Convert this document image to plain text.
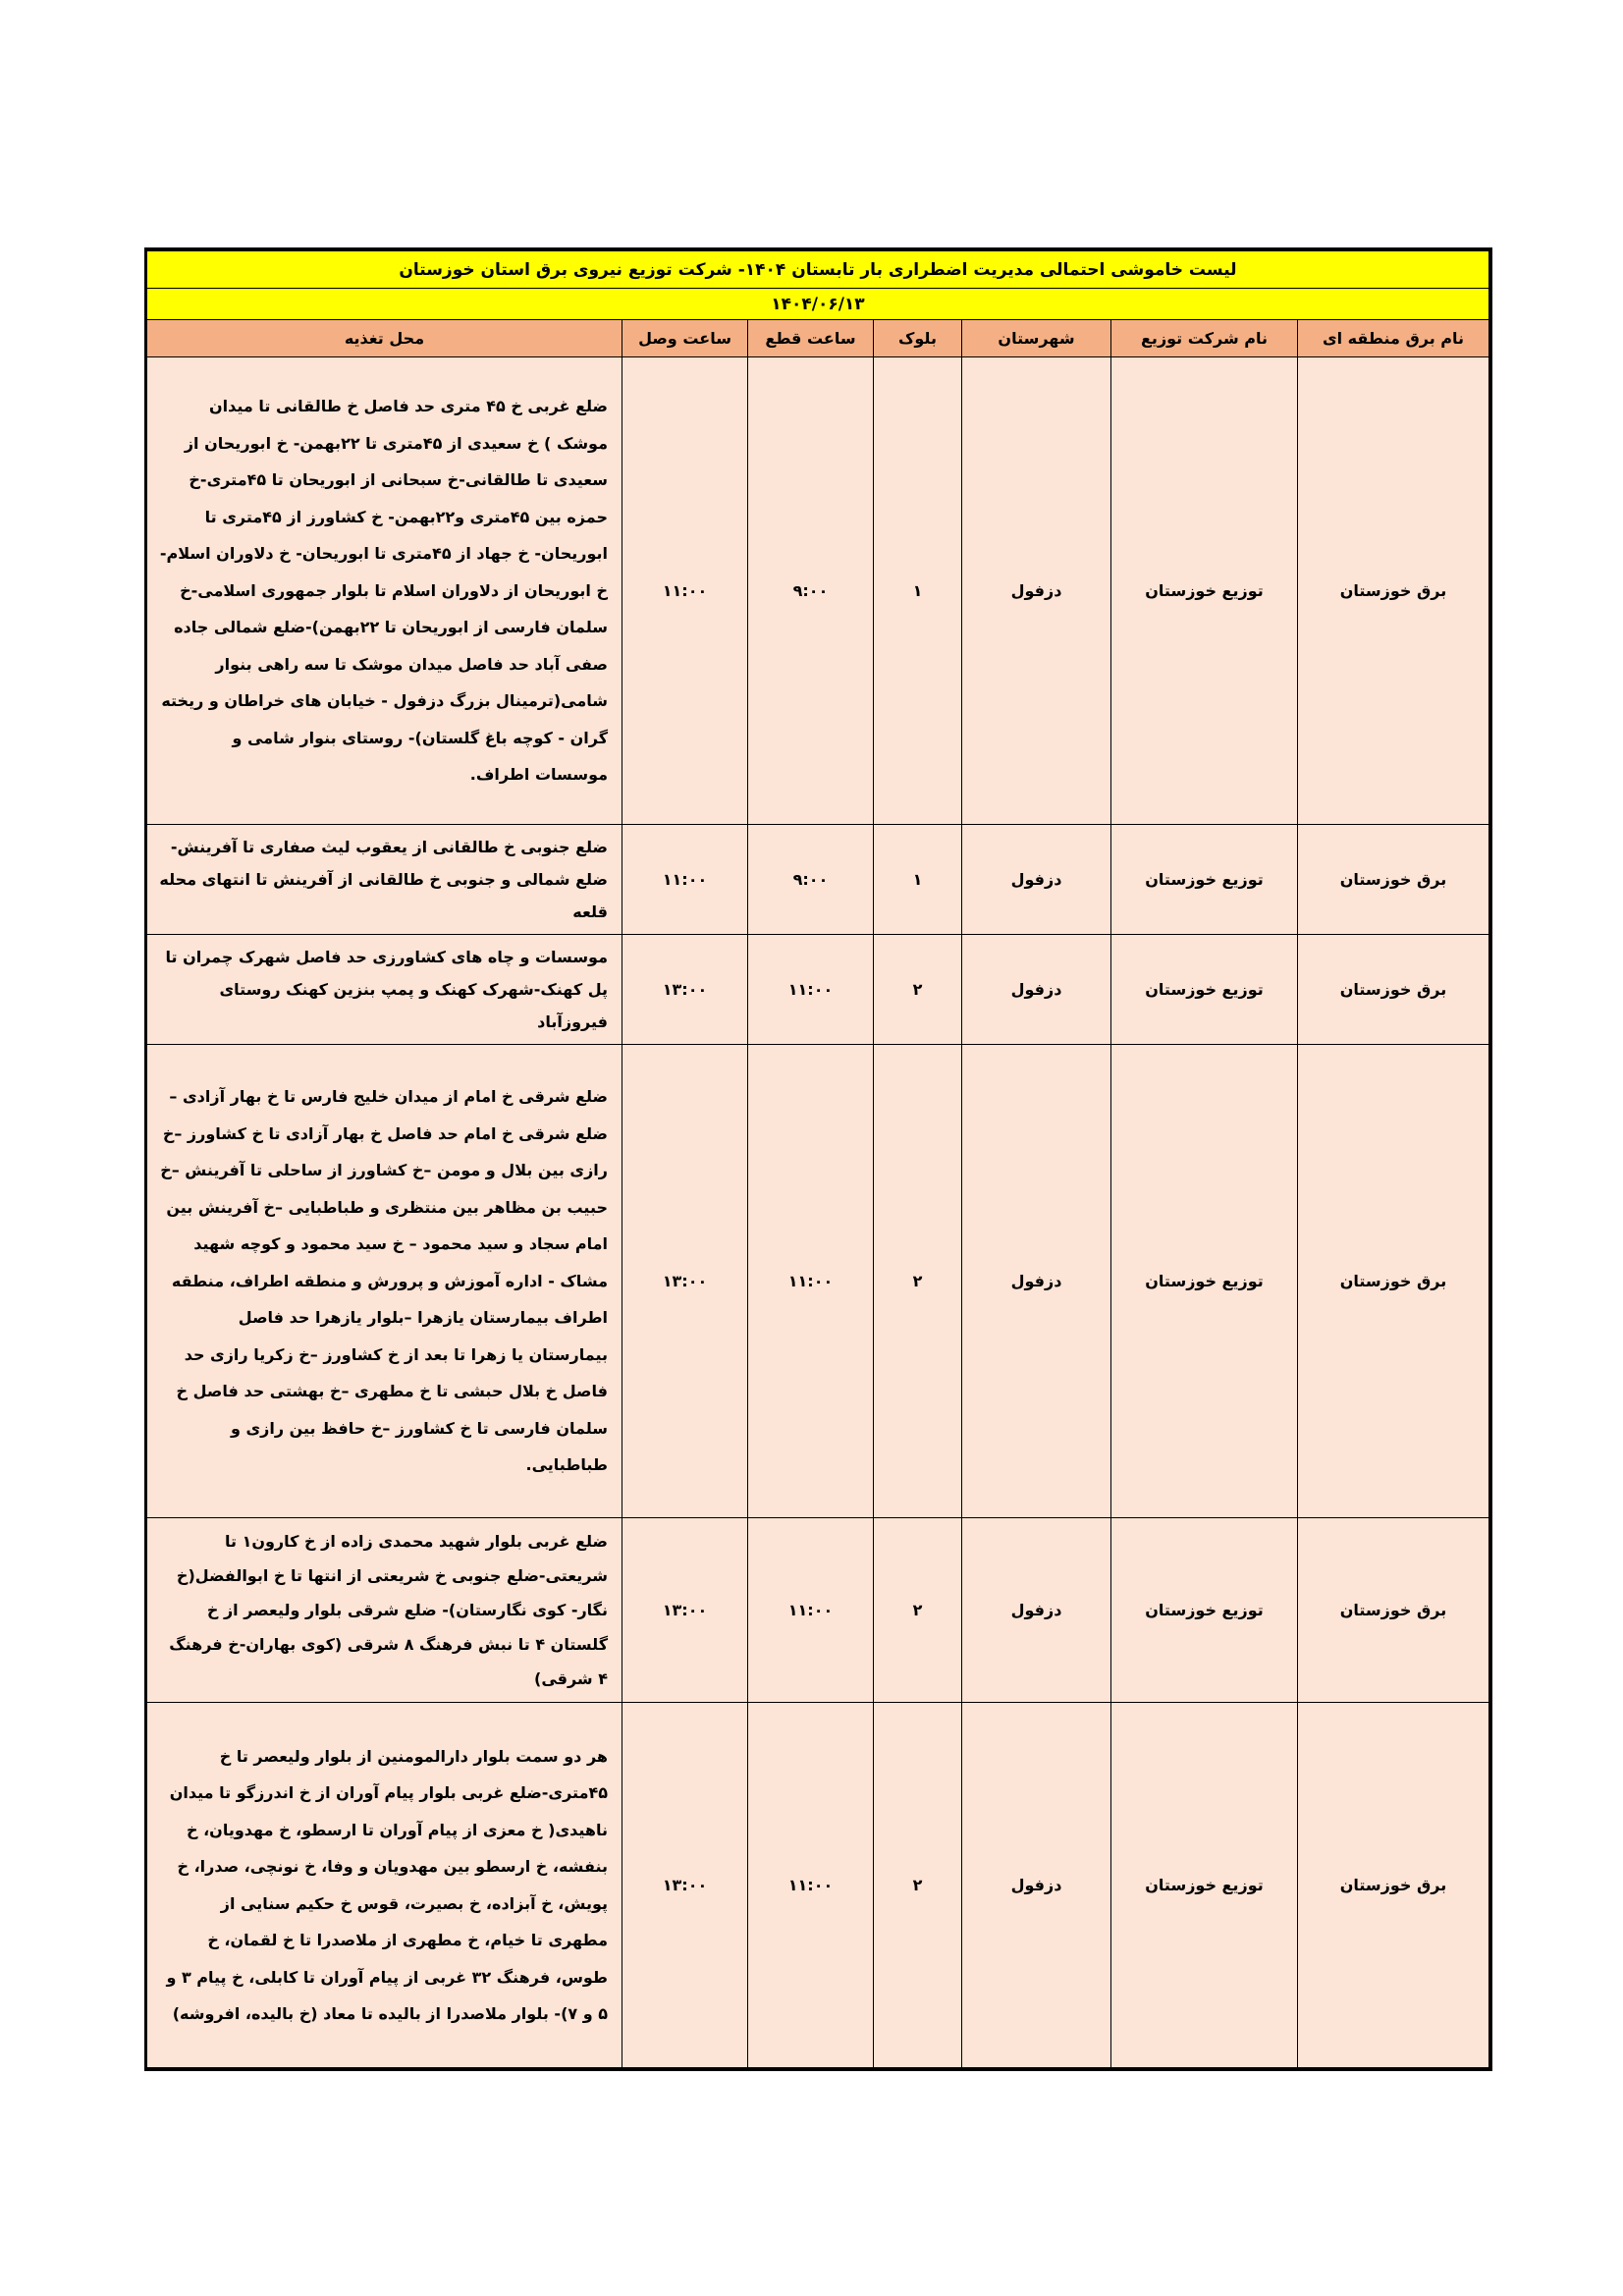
لیست خاموشی احتمالی مدیریت اضطراری بار تابستان ۱۴۰۴- شرکت توزیع نیروی برق استان خوزستان						
۱۴۰۴/۰۶/۱۳						
نام برق منطقه ای	نام شرکت توزیع	شهرستان	بلوک	ساعت قطع	ساعت وصل	محل تغذیه
برق خوزستان	توزیع خوزستان	دزفول	۱	۹:۰۰	۱۱:۰۰	ضلع غربی خ ۴۵ متری حد فاصل خ طالقانی تا میدان موشک ) خ سعیدی از ۴۵متری تا ۲۲بهمن- خ ابوریحان از سعیدی تا طالقانی-خ سبحانی از ابوریحان تا ۴۵متری-خ حمزه بین ۴۵متری و۲۲بهمن- خ کشاورز از ۴۵متری تا ابوریحان- خ جهاد از ۴۵متری تا ابوریحان- خ دلاوران اسلام- خ ابوریحان از دلاوران اسلام تا بلوار جمهوری اسلامی-خ سلمان فارسی از ابوریحان تا ۲۲بهمن)-ضلع شمالی جاده صفی آباد حد فاصل میدان موشک تا سه راهی بنوار شامی(ترمینال بزرگ دزفول - خیابان های خراطان و ریخته گران - کوچه باغ گلستان)- روستای بنوار شامی و موسسات اطراف.
برق خوزستان	توزیع خوزستان	دزفول	۱	۹:۰۰	۱۱:۰۰	ضلع جنوبی خ طالقانی از یعقوب لیث صفاری تا آفرینش-ضلع شمالی و جنوبی خ طالقانی از آفرینش تا انتهای محله قلعه
برق خوزستان	توزیع خوزستان	دزفول	۲	۱۱:۰۰	۱۳:۰۰	موسسات و چاه های کشاورزی حد فاصل شهرک چمران تا پل کهنک-شهرک کهنک و پمپ بنزین کهنک روستای فیروزآباد
برق خوزستان	توزیع خوزستان	دزفول	۲	۱۱:۰۰	۱۳:۰۰	ضلع شرقی خ امام از میدان خلیج فارس تا خ بهار آزادی –ضلع شرقی خ امام حد فاصل خ بهار آزادی تا خ کشاورز –خ رازی بین بلال و مومن –خ کشاورز از ساحلی تا آفرینش –خ حبیب بن مظاهر بین منتظری و طباطبایی –خ آفرینش بین امام سجاد و سید محمود – خ سید محمود و کوچه شهید مشاک - اداره آموزش و پرورش و منطقه اطراف، منطقه اطراف بیمارستان یازهرا –بلوار یازهرا حد فاصل بیمارستان یا زهرا تا بعد از خ کشاورز –خ زکریا رازی حد فاصل خ بلال حبشی تا خ مطهری –خ بهشتی حد فاصل خ سلمان فارسی تا خ کشاورز –خ حافظ بین رازی و طباطبایی.
برق خوزستان	توزیع خوزستان	دزفول	۲	۱۱:۰۰	۱۳:۰۰	ضلع غربی بلوار شهید محمدی زاده از خ کارون۱ تا شریعتی-ضلع جنوبی خ شریعتی از انتها تا خ ابوالفضل(خ نگار- کوی نگارستان)- ضلع شرقی بلوار ولیعصر از خ گلستان ۴ تا نبش فرهنگ ۸ شرقی (کوی بهاران-خ فرهنگ ۴ شرقی)
برق خوزستان	توزیع خوزستان	دزفول	۲	۱۱:۰۰	۱۳:۰۰	هر دو سمت بلوار دارالمومنین از بلوار ولیعصر تا خ ۴۵متری-ضلع غربی بلوار پیام آوران از خ اندرزگو تا میدان ناهیدی( خ معزی از پیام آوران تا ارسطو، خ مهدویان، خ بنفشه، خ ارسطو بین مهدویان و وفا، خ نونچی، صدرا، خ پویش، خ آبزاده، خ بصیرت، قوس خ حکیم سنایی از مطهری تا خیام، خ مطهری از ملاصدرا تا خ لقمان، خ طوس، فرهنگ ۳۲ غربی از پیام آوران تا کابلی، خ پیام ۳ و ۵ و ۷)- بلوار ملاصدرا از بالیده تا معاد (خ بالیده، افروشه)
